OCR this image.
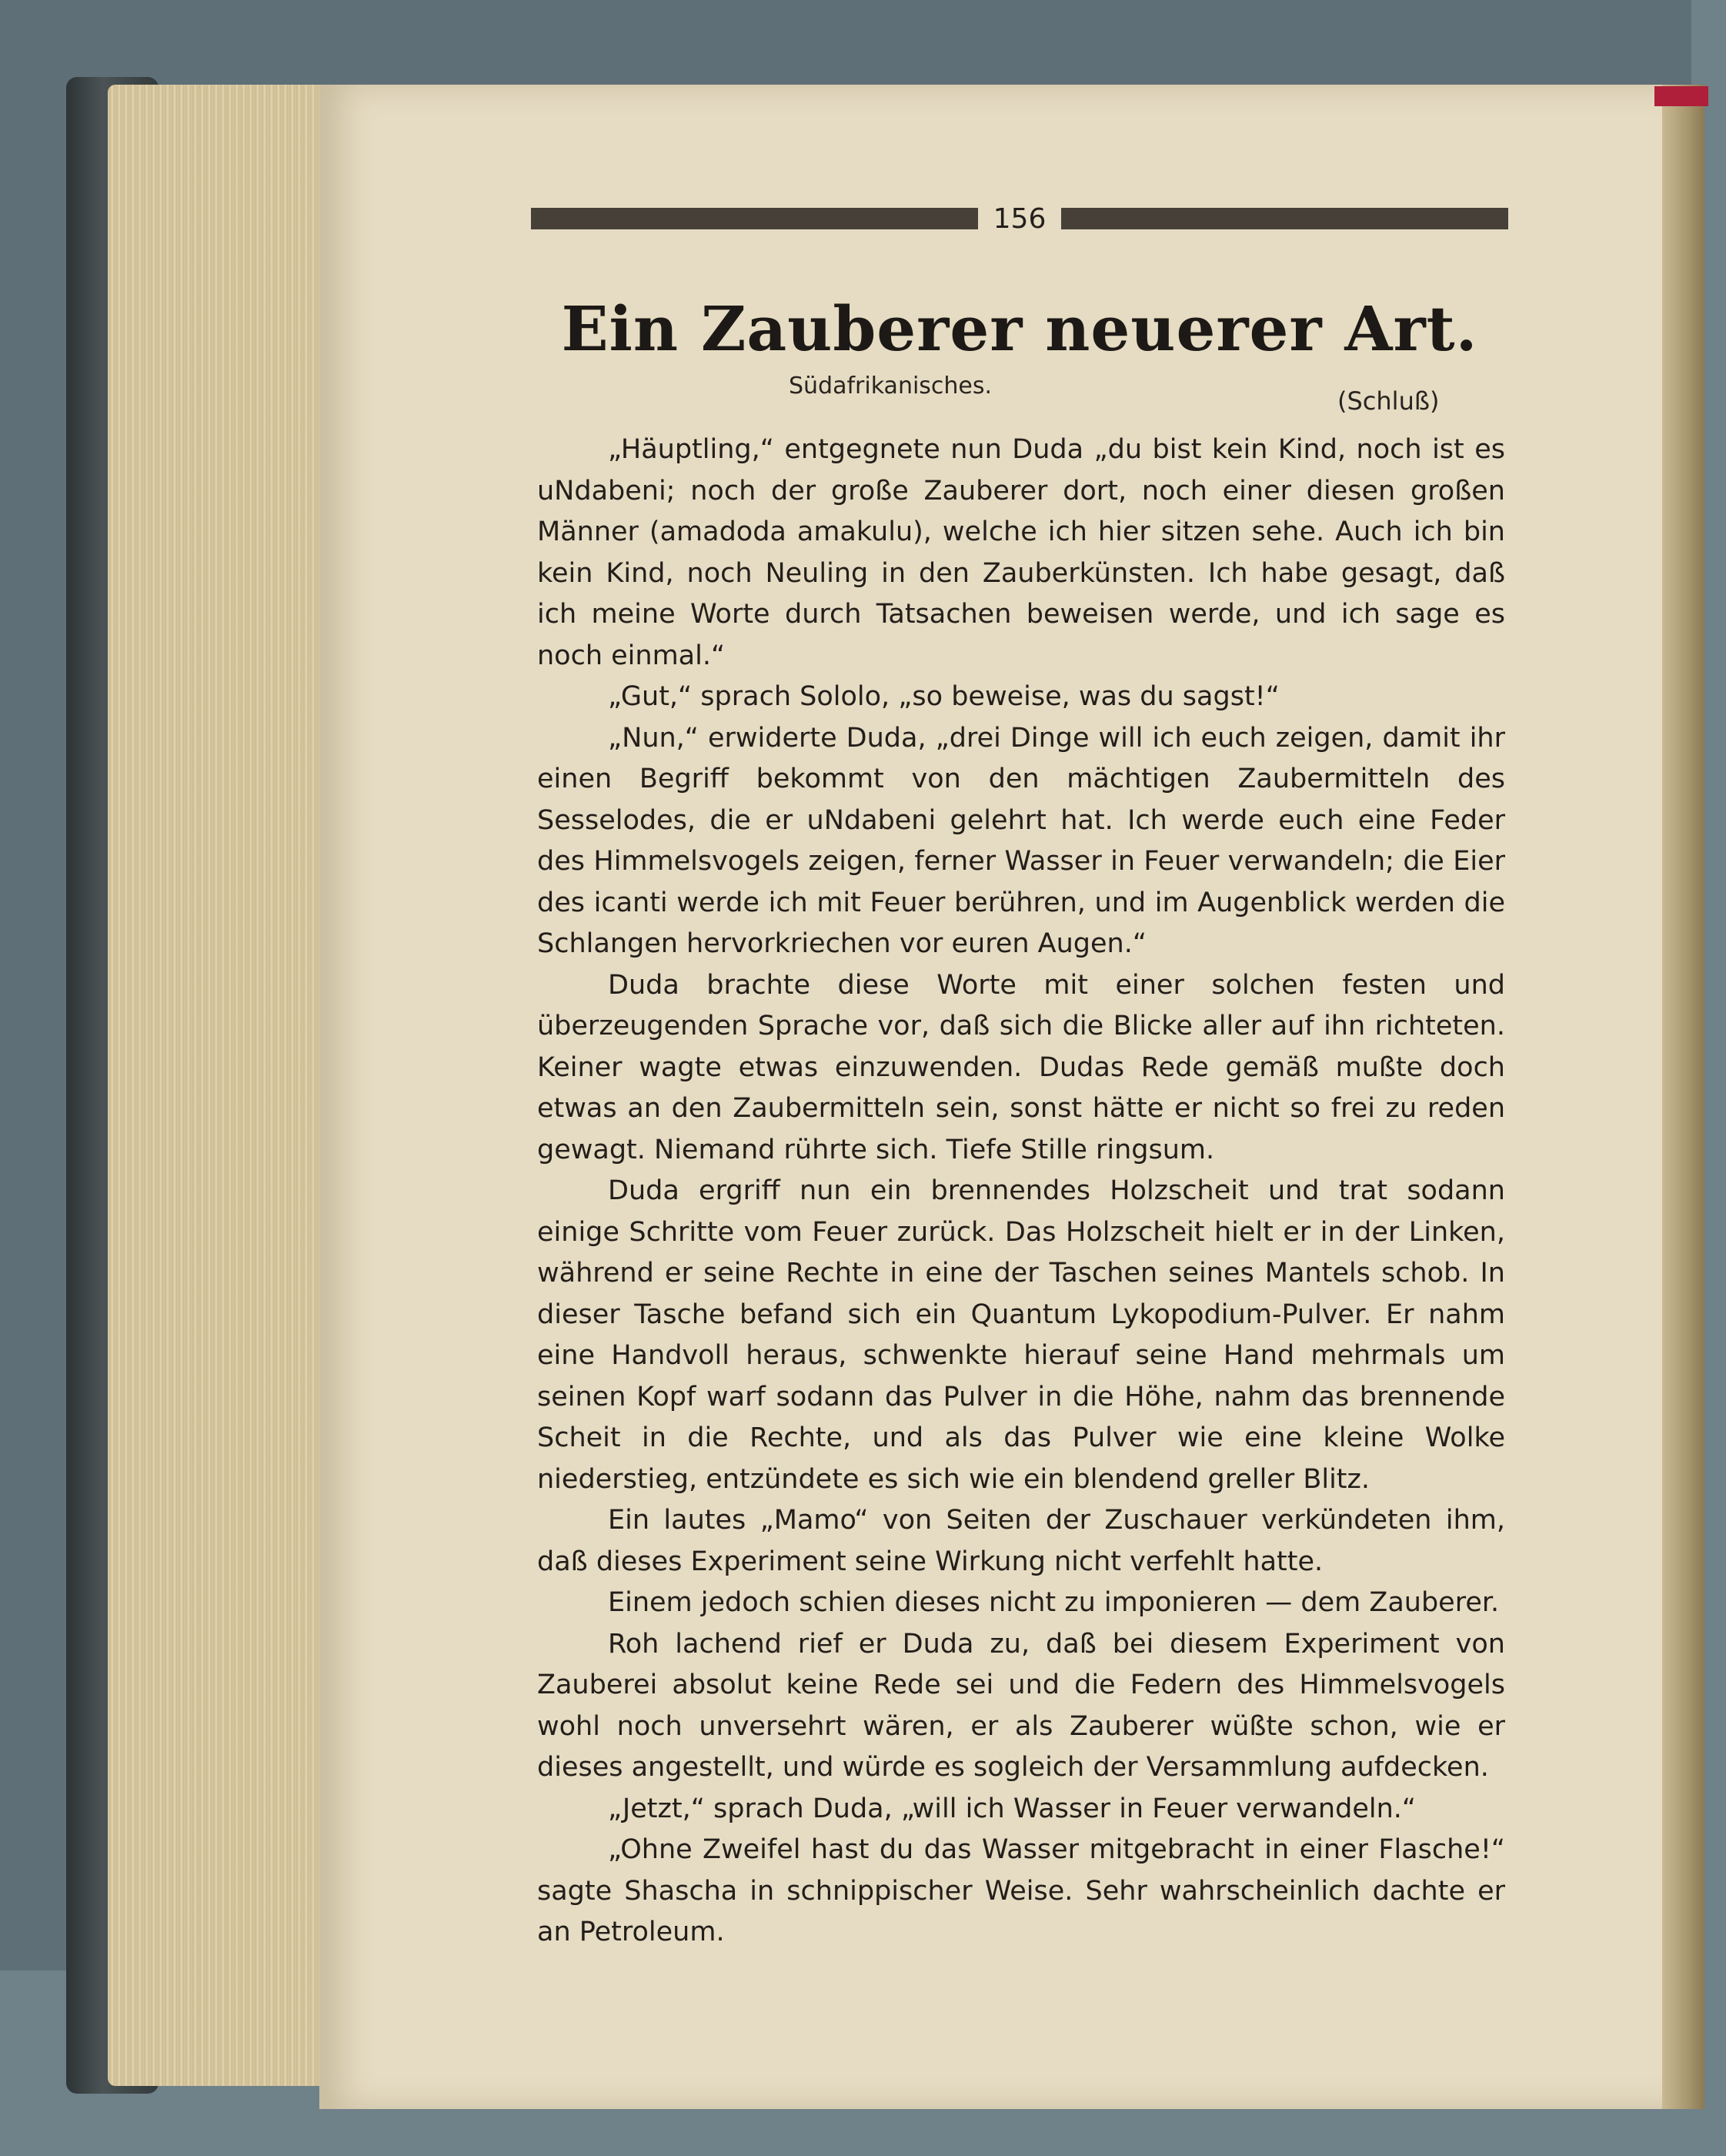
156
Ein Zauberer neuerer Art.
Südafrikanisches.
(Schluß)

„Häuptling,“ entgegnete nun Duda „du bist kein Kind, noch ist es uNdabeni; noch der große Zauberer dort, noch einer diesen großen Männer (amadoda amakulu), welche ich hier sitzen sehe. Auch ich bin kein Kind, noch Neuling in den Zauberkünsten. Ich habe gesagt, daß ich meine Worte durch Tatsachen beweisen werde, und ich sage es noch einmal.“

„Gut,“ sprach Sololo, „so beweise, was du sagst!“

„Nun,“ erwiderte Duda, „drei Dinge will ich euch zeigen, damit ihr einen Begriff bekommt von den mächtigen Zaubermitteln des Sesselodes, die er uNdabeni gelehrt hat. Ich werde euch eine Feder des Himmelsvogels zeigen, ferner Wasser in Feuer verwandeln; die Eier des icanti werde ich mit Feuer berühren, und im Augenblick werden die Schlangen hervorkriechen vor euren Augen.“

Duda brachte diese Worte mit einer solchen festen und überzeugenden Sprache vor, daß sich die Blicke aller auf ihn richteten. Keiner wagte etwas einzuwenden. Dudas Rede gemäß mußte doch etwas an den Zaubermitteln sein, sonst hätte er nicht so frei zu reden gewagt. Niemand rührte sich. Tiefe Stille ringsum.

Duda ergriff nun ein brennendes Holzscheit und trat sodann einige Schritte vom Feuer zurück. Das Holzscheit hielt er in der Linken, während er seine Rechte in eine der Taschen seines Mantels schob. In dieser Tasche befand sich ein Quantum Lykopodium-Pulver. Er nahm eine Handvoll heraus, schwenkte hierauf seine Hand mehrmals um seinen Kopf warf sodann das Pulver in die Höhe, nahm das brennende Scheit in die Rechte, und als das Pulver wie eine kleine Wolke niederstieg, entzündete es sich wie ein blendend greller Blitz.

Ein lautes „Mamo“ von Seiten der Zuschauer verkündeten ihm, daß dieses Experiment seine Wirkung nicht verfehlt hatte.

Einem jedoch schien dieses nicht zu imponieren — dem Zauberer.

Roh lachend rief er Duda zu, daß bei diesem Experiment von Zauberei absolut keine Rede sei und die Federn des Himmelsvogels wohl noch unversehrt wären, er als Zauberer wüßte schon, wie er dieses angestellt, und würde es sogleich der Versammlung aufdecken.

„Jetzt,“ sprach Duda, „will ich Wasser in Feuer verwandeln.“

„Ohne Zweifel hast du das Wasser mitgebracht in einer Flasche!“ sagte Shascha in schnippischer Weise. Sehr wahrscheinlich dachte er an Petroleum.
